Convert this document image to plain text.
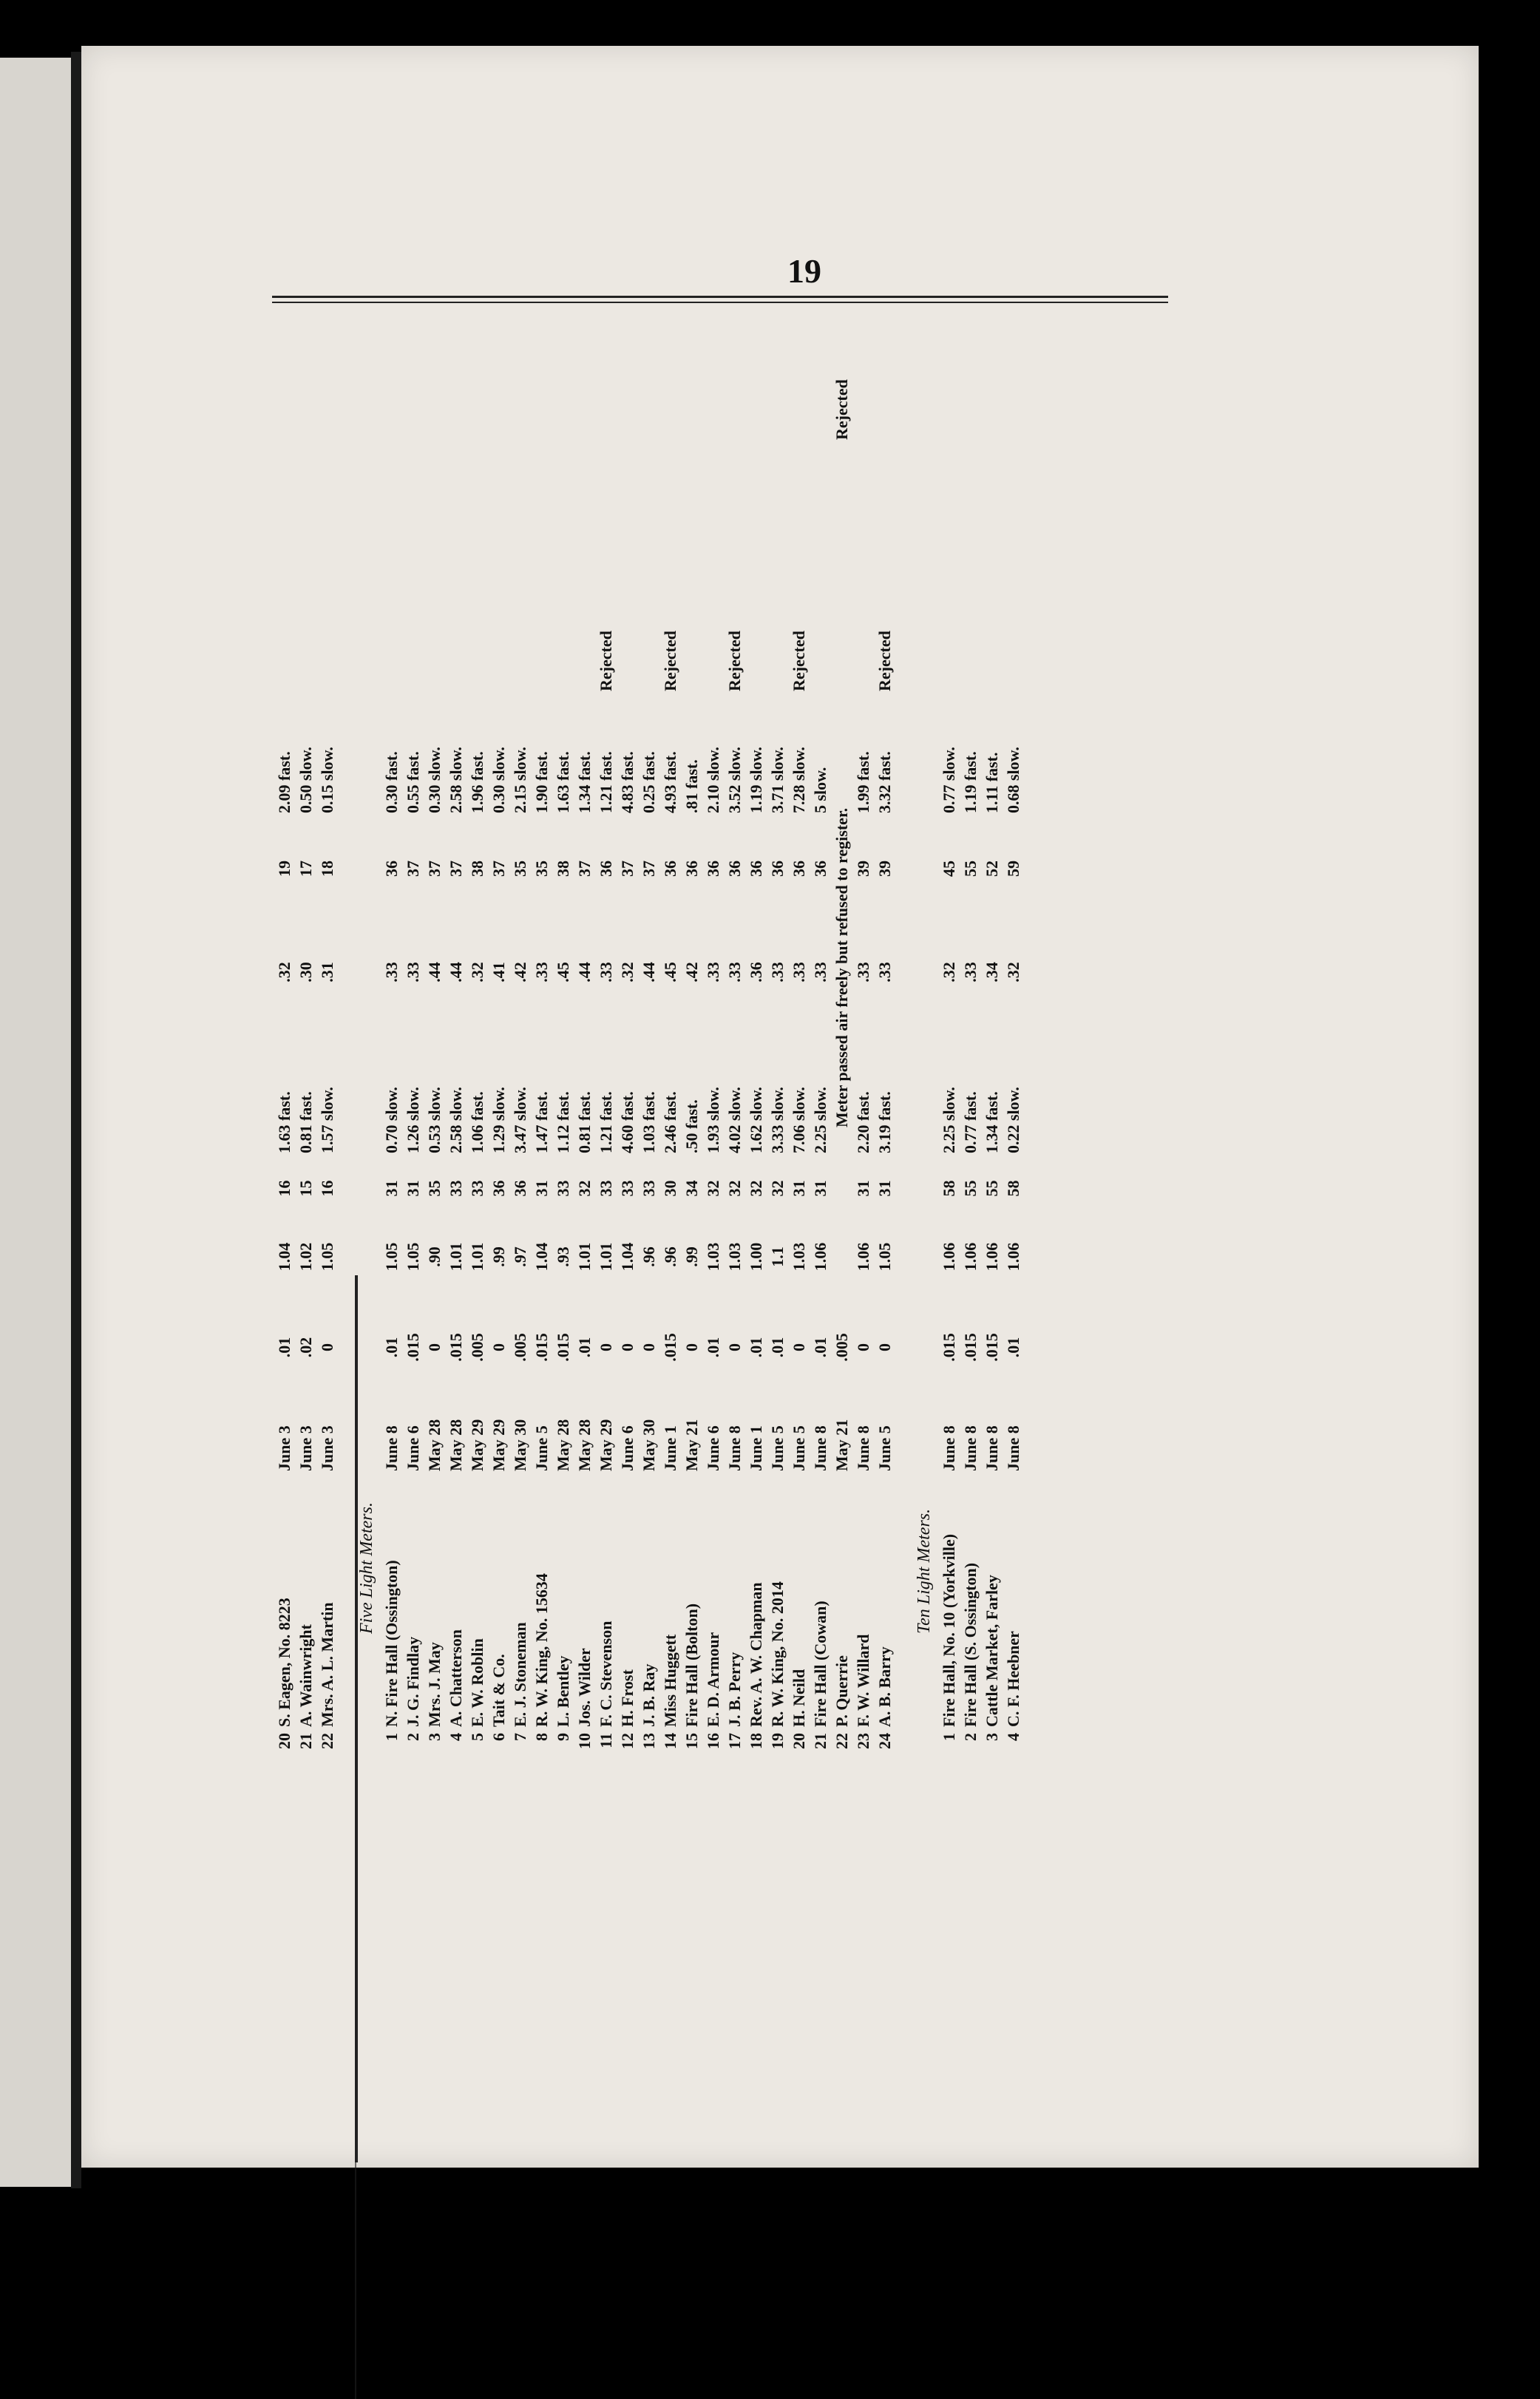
19
20
S. Eagen, No. 8223
June 3
.01
1.04
16
1.63 fast.
.32
19
2.09 fast.
21
A. Wainwright
June 3
.02
1.02
15
0.81 fast.
.30
17
0.50 slow.
22
Mrs. A. L. Martin
June 3
0
1.05
16
1.57 slow.
.31
18
0.15 slow.
Five Light Meters.
1
N. Fire Hall (Ossington)
June 8
.01
1.05
31
0.70 slow.
.33
36
0.30 fast.
2
J. G. Findlay
June 6
.015
1.05
31
1.26 slow.
.33
37
0.55 fast.
3
Mrs. J. May
May 28
0
.90
35
0.53 slow.
.44
37
0.30 slow.
4
A. Chatterson
May 28
.015
1.01
33
2.58 slow.
.44
37
2.58 slow.
5
E. W. Roblin
May 29
.005
1.01
33
1.06 fast.
.32
38
1.96 fast.
6
Tait & Co.
May 29
0
.99
36
1.29 slow.
.41
37
0.30 slow.
7
E. J. Stoneman
May 30
.005
.97
36
3.47 slow.
.42
35
2.15 slow.
8
R. W. King, No. 15634
June 5
.015
1.04
31
1.47 fast.
.33
35
1.90 fast.
9
L. Bentley
May 28
.015
.93
33
1.12 fast.
.45
38
1.63 fast.
10
Jos. Wilder
May 28
.01
1.01
32
0.81 fast.
.44
37
1.34 fast.
11
F. C. Stevenson
May 29
0
1.01
33
1.21 fast.
.33
36
1.21 fast.
Rejected
12
H. Frost
June 6
0
1.04
33
4.60 fast.
.32
37
4.83 fast.
13
J. B. Ray
May 30
0
.96
33
1.03 fast.
.44
37
0.25 fast.
14
Miss Huggett
June 1
.015
.96
30
2.46 fast.
.45
36
4.93 fast.
Rejected
15
Fire Hall (Bolton)
May 21
0
.99
34
.50 fast.
.42
36
.81 fast.
16
E. D. Armour
June 6
.01
1.03
32
1.93 slow.
.33
36
2.10 slow.
17
J. B. Perry
June 8
0
1.03
32
4.02 slow.
.33
36
3.52 slow.
Rejected
18
Rev. A. W. Chapman
June 1
.01
1.00
32
1.62 slow.
.36
36
1.19 slow.
19
R. W. King, No. 2014
June 5
.01
1.1
32
3.33 slow.
.33
36
3.71 slow.
20
H. Neild
June 5
0
1.03
31
7.06 slow.
.33
36
7.28 slow.
Rejected
21
Fire Hall (Cowan)
June 8
.01
1.06
31
2.25 slow.
.33
36
5 slow.
22
P. Querrie
May 21
.005
Meter passed air freely but refused to register.
Rejected
23
F. W. Willard
June 8
0
1.06
31
2.20 fast.
.33
39
1.99 fast.
24
A. B. Barry
June 5
0
1.05
31
3.19 fast.
.33
39
3.32 fast.
Rejected
Ten Light Meters.
1
Fire Hall, No. 10 (Yorkville)
June 8
.015
1.06
58
2.25 slow.
.32
45
0.77 slow.
2
Fire Hall (S. Ossington)
June 8
.015
1.06
55
0.77 fast.
.33
55
1.19 fast.
3
Cattle Market, Farley
June 8
.015
1.06
55
1.34 fast.
.34
52
1.11 fast.
4
C. F. Heebner
June 8
.01
1.06
58
0.22 slow.
.32
59
0.68 slow.
